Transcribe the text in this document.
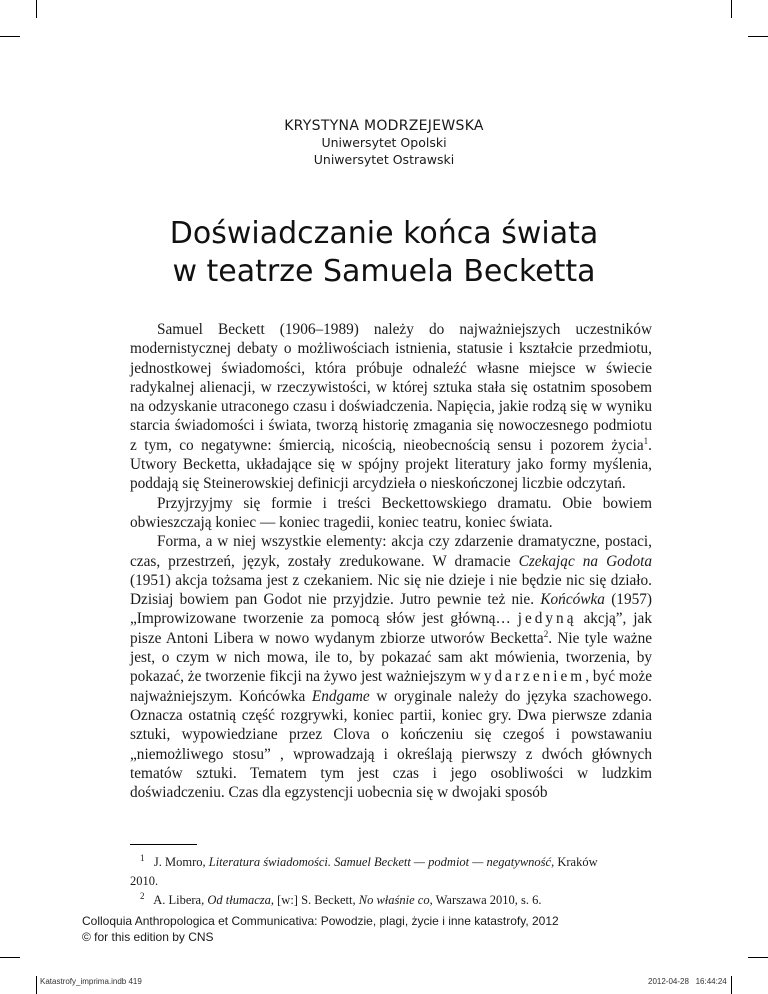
KRYSTYNA MODRZEJEWSKA
Uniwersytet Opolski
Uniwersytet Ostrawski
Doświadczanie końca świata
w teatrze Samuela Becketta

Samuel Beckett (1906–1989) należy do najważniejszych uczestników modernistycznej debaty o możliwościach istnienia, statusie i kształcie przedmiotu, jednostkowej świadomości, która próbuje odnaleźć własne miejsce w świecie radykalnej alienacji, w rzeczywistości, w której sztuka stała się ostatnim sposobem na odzyskanie utraconego czasu i doświadczenia. Napięcia, jakie rodzą się w wyniku starcia świadomości i świata, tworzą historię zmagania się nowoczesnego podmiotu z tym, co negatywne: śmiercią, nicością, nieobecnością sensu i pozorem życia$^1$. Utwory Becketta, układające się w spójny projekt literatury jako formy myślenia, poddają się Steinerowskiej definicji arcydzieła o nieskończonej liczbie odczytań.

Przyjrzyjmy się formie i treści Beckettowskiego dramatu. Obie bowiem obwieszczają koniec — koniec tragedii, koniec teatru, koniec świata.

Forma, a w niej wszystkie elementy: akcja czy zdarzenie dramatyczne, postaci, czas, przestrzeń, język, zostały zredukowane. W dramacie Czekając na Godota (1951) akcja tożsama jest z czekaniem. Nic się nie dzieje i nie będzie nic się działo. Dzisiaj bowiem pan Godot nie przyjdzie. Jutro pewnie też nie. Końcówka (1957) „Improwizowane tworzenie za pomocą słów jest główną… jedyną akcją”, jak pisze Antoni Libera w nowo wydanym zbiorze utworów Becketta$^2$. Nie tyle ważne jest, o czym w nich mowa, ile to, by pokazać sam akt mówienia, tworzenia, by pokazać, że tworzenie fikcji na żywo jest ważniejszym wydarzeniem, być może najważniejszym. Końcówka Endgame w oryginale należy do języka szachowego. Oznacza ostatnią część rozgrywki, koniec partii, koniec gry. Dwa pierwsze zdania sztuki, wypowiedziane przez Clova o kończeniu się czegoś i powstawaniu „niemożliwego stosu” , wprowadzają i określają pierwszy z dwóch głównych tematów sztuki. Tematem tym jest czas i jego osobliwości w ludzkim doświadczeniu. Czas dla egzystencji uobecnia się w dwojaki sposób

$^1$ J. Momro, Literatura świadomości. Samuel Beckett — podmiot — negatywność, Kraków

2010.

$^2$ A. Libera, Od tłumacza, [w:] S. Beckett, No właśnie co, Warszawa 2010, s. 6.

Colloquia Anthropologica et Communicativa: Powodzie, plagi, życie i inne katastrofy, 2012
© for this edition by CNS
Katastrofy_imprima.indb 419	2012-04-28   16:44:24
